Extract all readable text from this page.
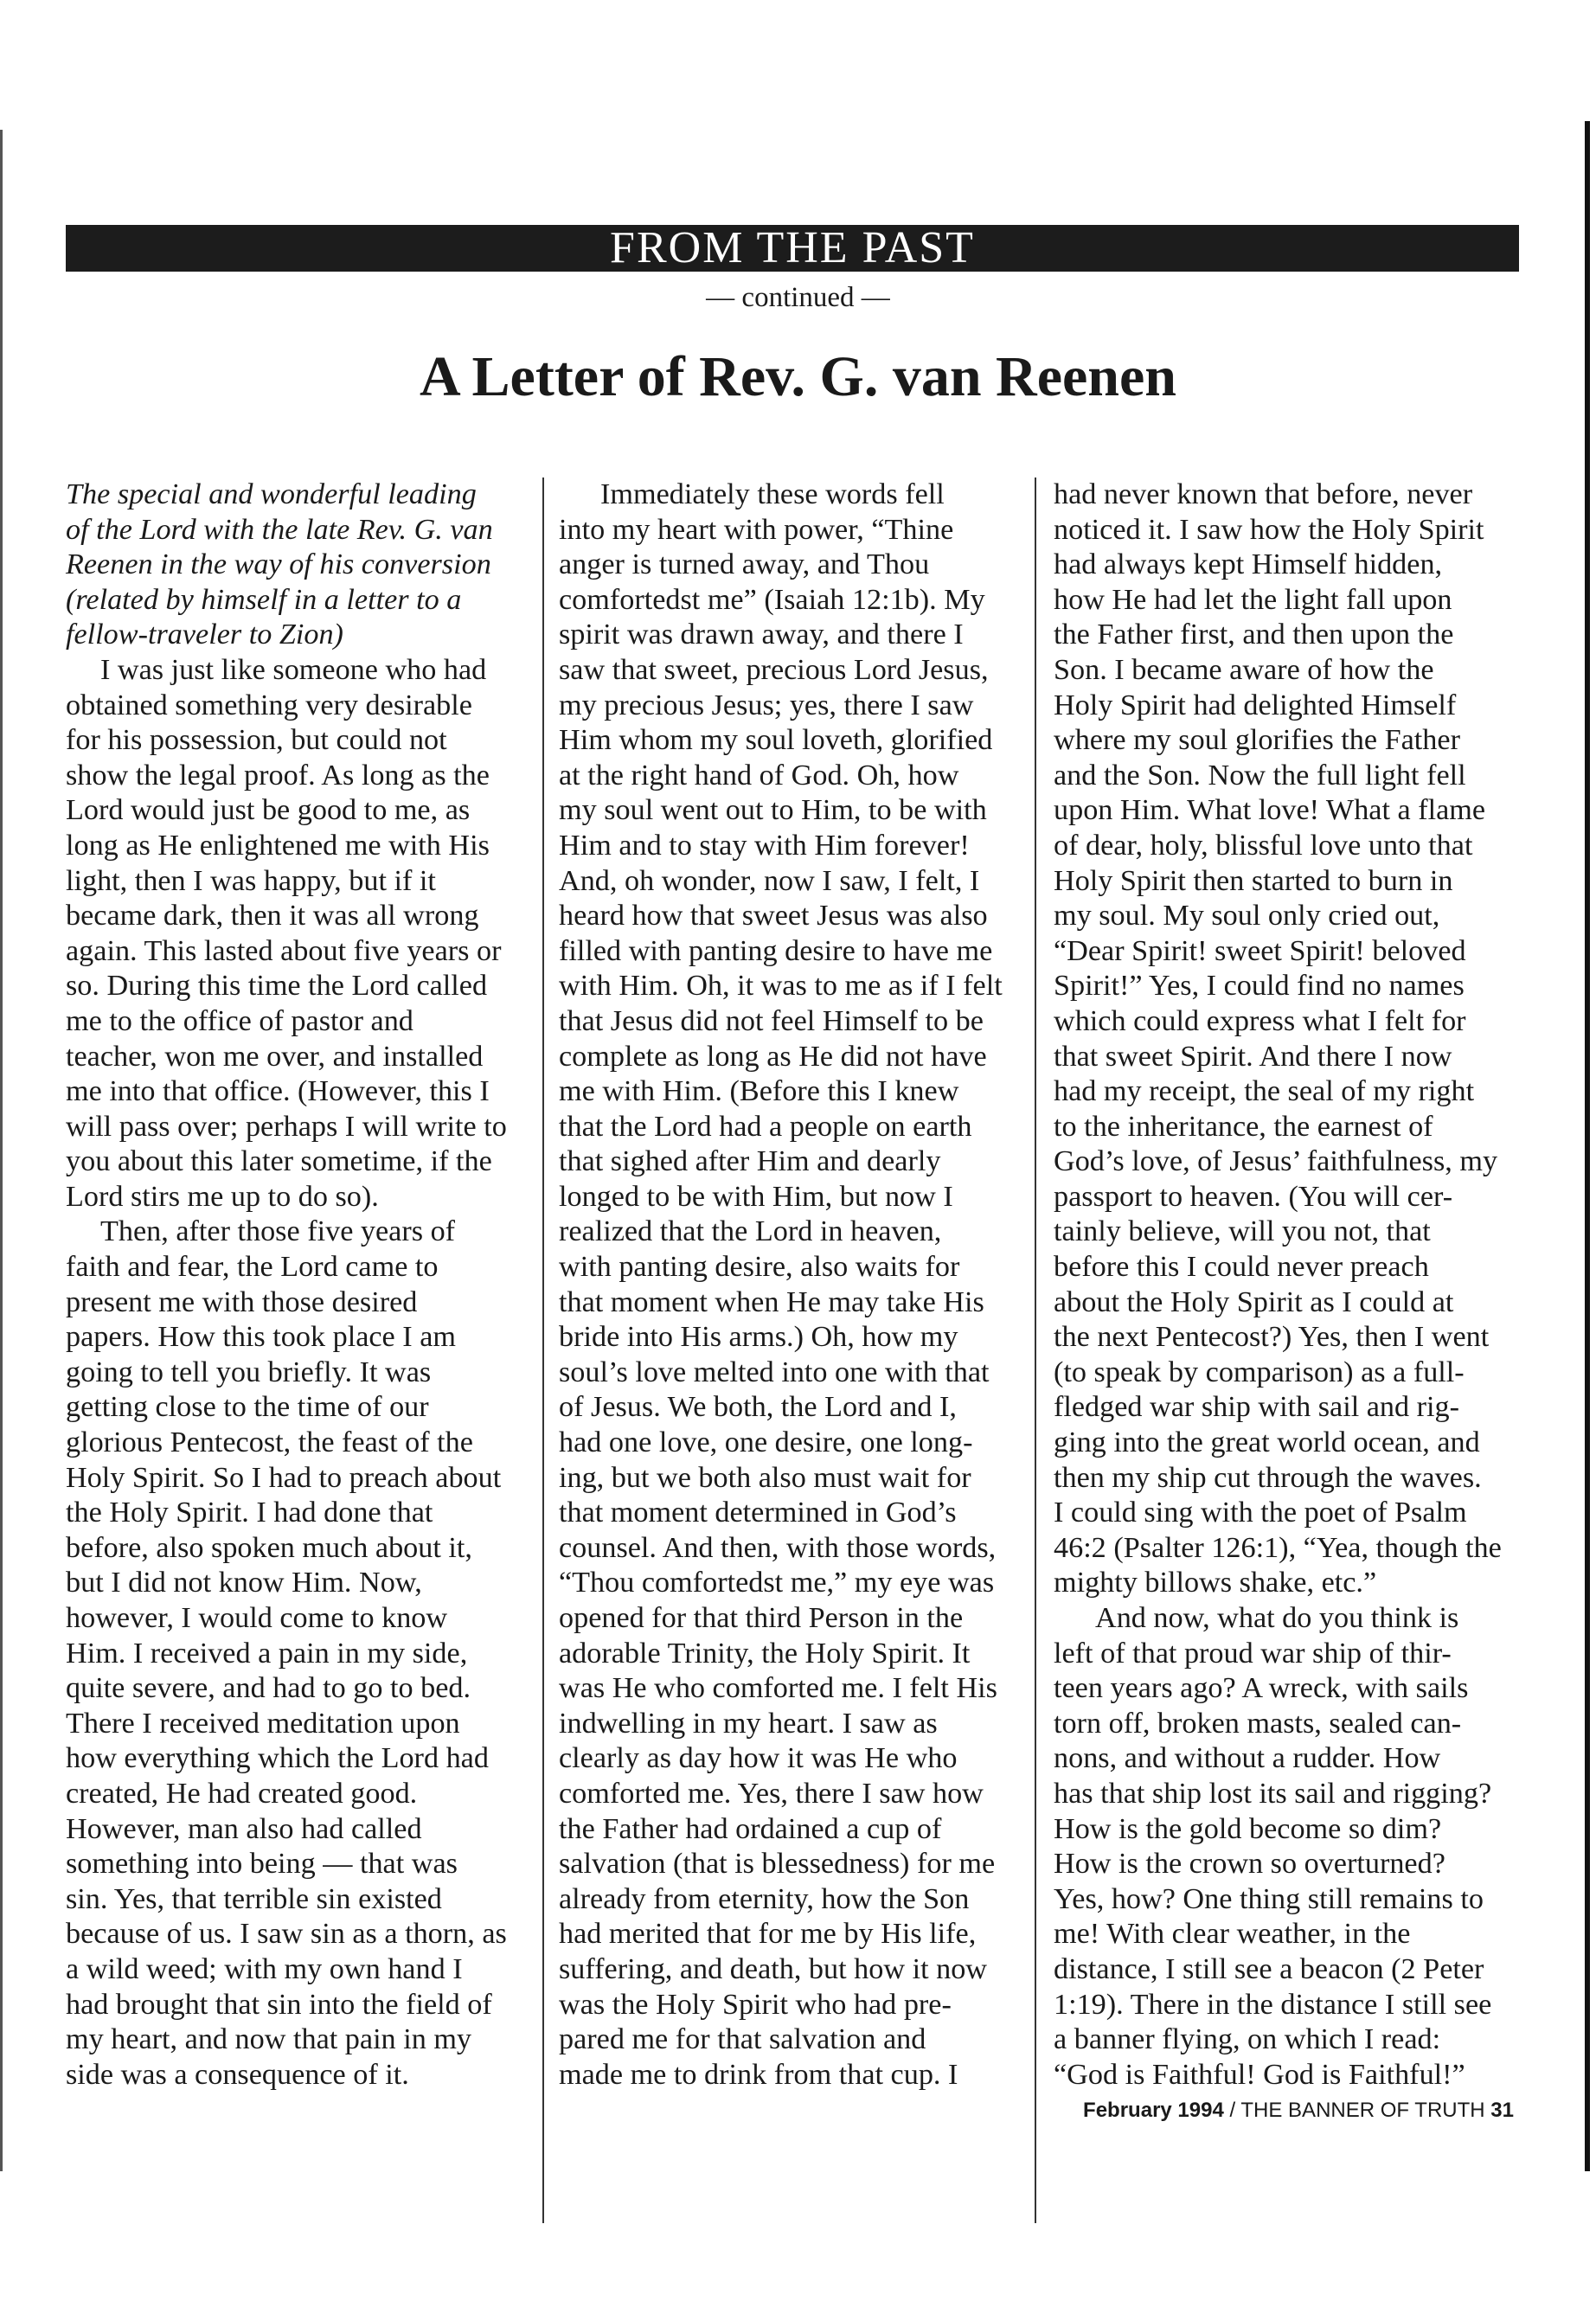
FROM THE PAST
— continued —
A Letter of Rev. G. van Reenen

The special and wonderful leading

of the Lord with the late Rev. G. van

Reenen in the way of his conversion

(related by himself in a letter to a

fellow-traveler to Zion)

I was just like someone who had

obtained something very desirable

for his possession, but could not

show the legal proof. As long as the

Lord would just be good to me, as

long as He enlightened me with His

light, then I was happy, but if it

became dark, then it was all wrong

again. This lasted about five years or

so. During this time the Lord called

me to the office of pastor and

teacher, won me over, and installed

me into that office. (However, this I

will pass over; perhaps I will write to

you about this later sometime, if the

Lord stirs me up to do so).

Then, after those five years of

faith and fear, the Lord came to

present me with those desired

papers. How this took place I am

going to tell you briefly. It was

getting close to the time of our

glorious Pentecost, the feast of the

Holy Spirit. So I had to preach about

the Holy Spirit. I had done that

before, also spoken much about it,

but I did not know Him. Now,

however, I would come to know

Him. I received a pain in my side,

quite severe, and had to go to bed.

There I received meditation upon

how everything which the Lord had

created, He had created good.

However, man also had called

something into being — that was

sin. Yes, that terrible sin existed

because of us. I saw sin as a thorn, as

a wild weed; with my own hand I

had brought that sin into the field of

my heart, and now that pain in my

side was a consequence of it.

Immediately these words fell

into my heart with power, “Thine

anger is turned away, and Thou

comfortedst me” (Isaiah 12:1b). My

spirit was drawn away, and there I

saw that sweet, precious Lord Jesus,

my precious Jesus; yes, there I saw

Him whom my soul loveth, glorified

at the right hand of God. Oh, how

my soul went out to Him, to be with

Him and to stay with Him forever!

And, oh wonder, now I saw, I felt, I

heard how that sweet Jesus was also

filled with panting desire to have me

with Him. Oh, it was to me as if I felt

that Jesus did not feel Himself to be

complete as long as He did not have

me with Him. (Before this I knew

that the Lord had a people on earth

that sighed after Him and dearly

longed to be with Him, but now I

realized that the Lord in heaven,

with panting desire, also waits for

that moment when He may take His

bride into His arms.) Oh, how my

soul’s love melted into one with that

of Jesus. We both, the Lord and I,

had one love, one desire, one long-

ing, but we both also must wait for

that moment determined in God’s

counsel. And then, with those words,

“Thou comfortedst me,” my eye was

opened for that third Person in the

adorable Trinity, the Holy Spirit. It

was He who comforted me. I felt His

indwelling in my heart. I saw as

clearly as day how it was He who

comforted me. Yes, there I saw how

the Father had ordained a cup of

salvation (that is blessedness) for me

already from eternity, how the Son

had merited that for me by His life,

suffering, and death, but how it now

was the Holy Spirit who had pre-

pared me for that salvation and

made me to drink from that cup. I

had never known that before, never

noticed it. I saw how the Holy Spirit

had always kept Himself hidden,

how He had let the light fall upon

the Father first, and then upon the

Son. I became aware of how the

Holy Spirit had delighted Himself

where my soul glorifies the Father

and the Son. Now the full light fell

upon Him. What love! What a flame

of dear, holy, blissful love unto that

Holy Spirit then started to burn in

my soul. My soul only cried out,

“Dear Spirit! sweet Spirit! beloved

Spirit!” Yes, I could find no names

which could express what I felt for

that sweet Spirit. And there I now

had my receipt, the seal of my right

to the inheritance, the earnest of

God’s love, of Jesus’ faithfulness, my

passport to heaven. (You will cer-

tainly believe, will you not, that

before this I could never preach

about the Holy Spirit as I could at

the next Pentecost?) Yes, then I went

(to speak by comparison) as a full-

fledged war ship with sail and rig-

ging into the great world ocean, and

then my ship cut through the waves.

I could sing with the poet of Psalm

46:2 (Psalter 126:1), “Yea, though the

mighty billows shake, etc.”

And now, what do you think is

left of that proud war ship of thir-

teen years ago? A wreck, with sails

torn off, broken masts, sealed can-

nons, and without a rudder. How

has that ship lost its sail and rigging?

How is the gold become so dim?

How is the crown so overturned?

Yes, how? One thing still remains to

me! With clear weather, in the

distance, I still see a beacon (2 Peter

1:19). There in the distance I still see

a banner flying, on which I read:

“God is Faithful! God is Faithful!”

February 1994 / THE BANNER OF TRUTH 31
